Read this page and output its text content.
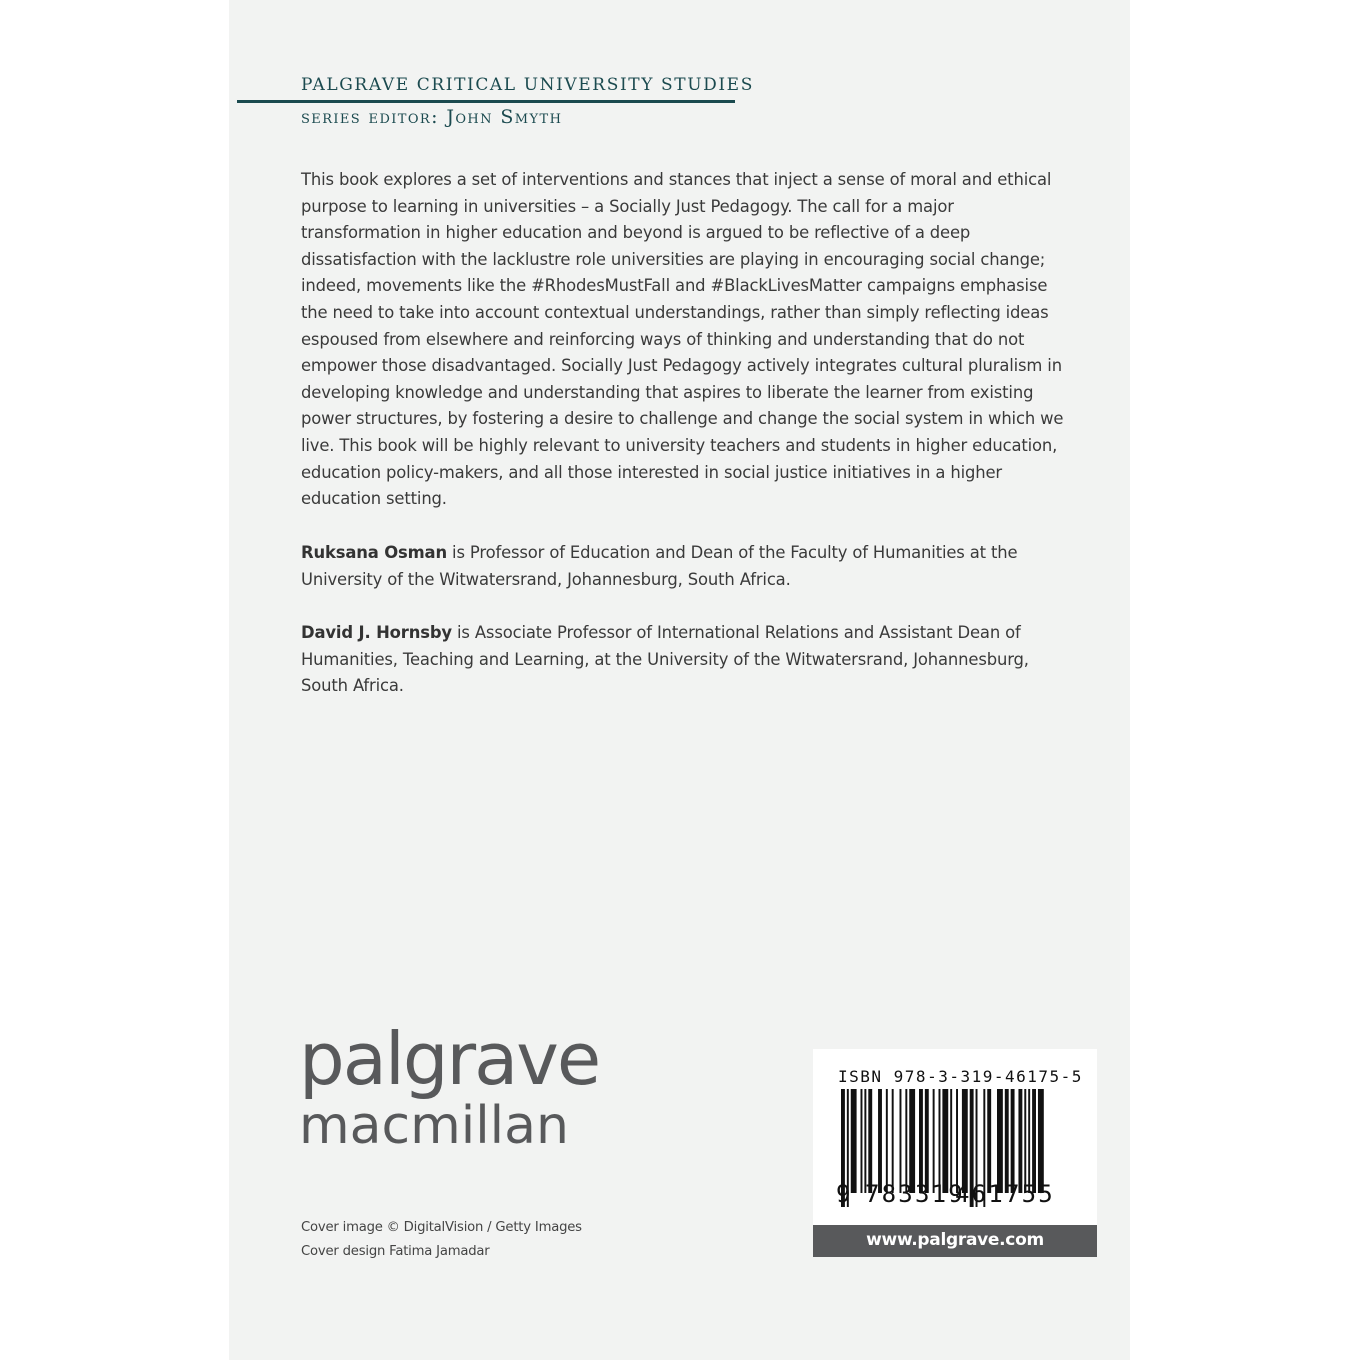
PALGRAVE CRITICAL UNIVERSITY STUDIES
series editor: John Smyth

This book explores a set of interventions and stances that inject a sense of moral and ethical purpose to learning in universities – a Socially Just Pedagogy. The call for a major transformation in higher education and beyond is argued to be reflective of a deep dissatisfaction with the lacklustre role universities are playing in encouraging social change; indeed, movements like the #RhodesMustFall and #BlackLivesMatter campaigns emphasise the need to take into account contextual understandings, rather than simply reflecting ideas espoused from elsewhere and reinforcing ways of thinking and understanding that do not empower those disadvantaged. Socially Just Pedagogy actively integrates cultural pluralism in developing knowledge and understanding that aspires to liberate the learner from existing power structures, by fostering a desire to challenge and change the social system in which we live. This book will be highly relevant to university teachers and students in higher education, education policy-makers, and all those interested in social justice initiatives in a higher education setting.

Ruksana Osman is Professor of Education and Dean of the Faculty of Humanities at the University of the Witwatersrand, Johannesburg, South Africa.

David J. Hornsby is Associate Professor of International Relations and Assistant Dean of Humanities, Teaching and Learning, at the University of the Witwatersrand, Johannesburg, South Africa.

palgrave
macmillan
Cover image © DigitalVision / Getty Images
Cover design Fatima Jamadar
ISBN 978-3-319-46175-5
9 783319
461755
www.palgrave.com
